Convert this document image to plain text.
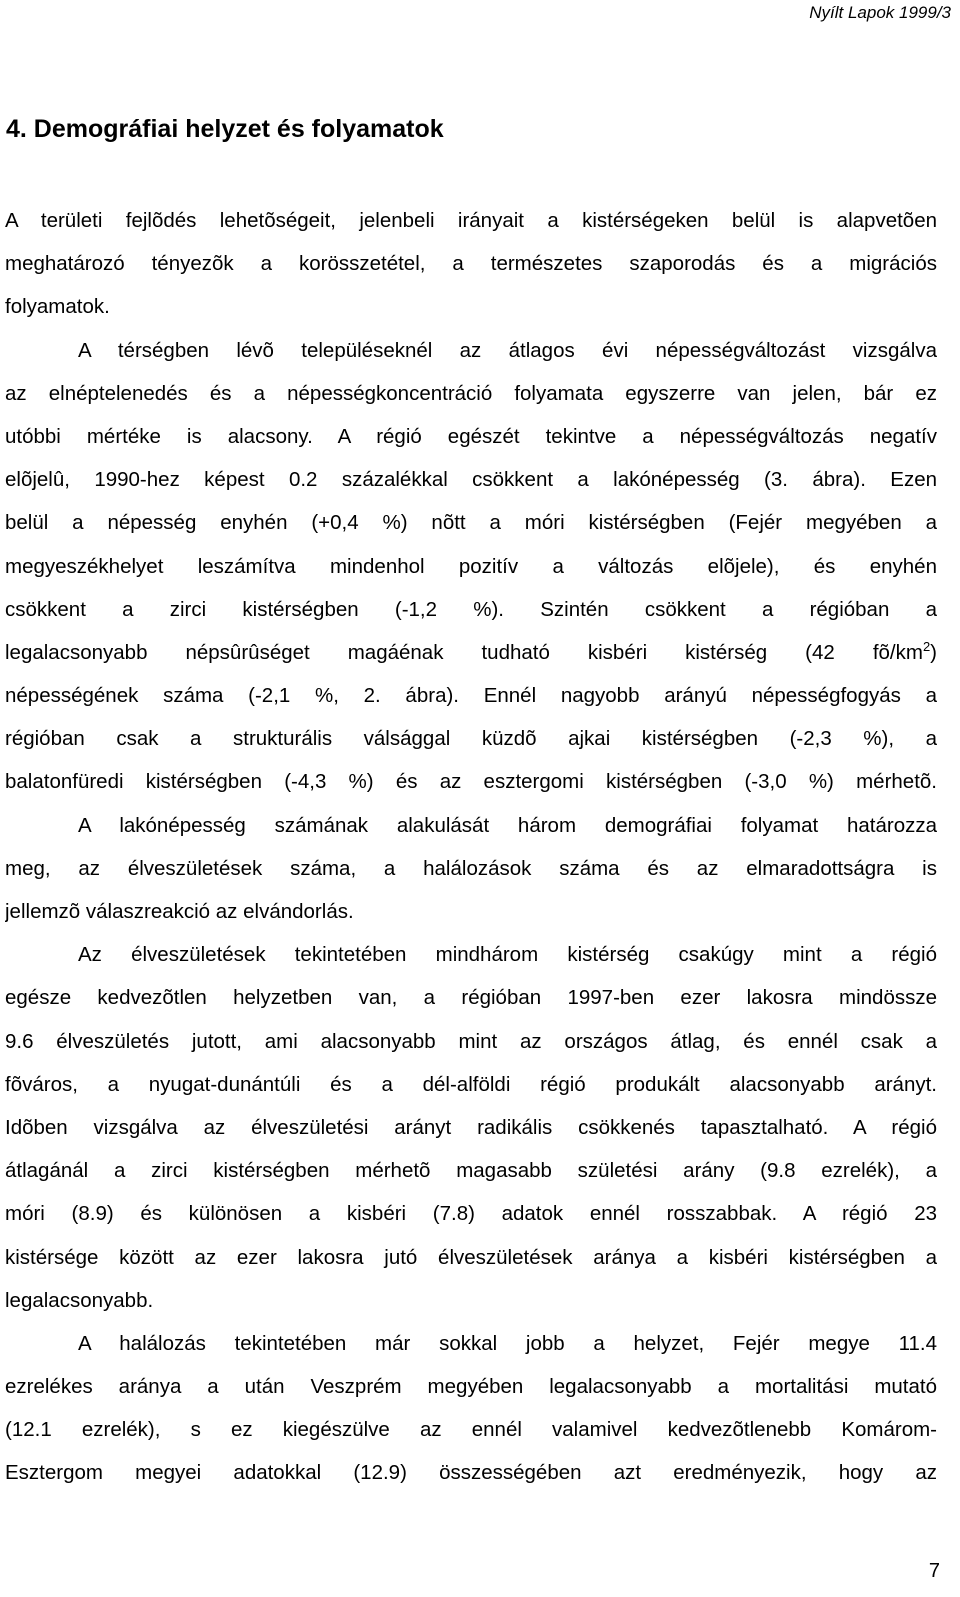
Nyílt Lapok 1999/3
4. Demográfiai helyzet és folyamatok
A területi fejlõdés lehetõségeit, jelenbeli irányait a kistérségeken belül is alapvetõen
meghatározó tényezõk a korösszetétel, a természetes szaporodás és a migrációs
folyamatok.
A térségben lévõ településeknél az átlagos évi népességváltozást vizsgálva
az elnéptelenedés és a népességkoncentráció folyamata egyszerre van jelen, bár ez
utóbbi mértéke is alacsony. A régió egészét tekintve a népességváltozás negatív
elõjelû, 1990-hez képest 0.2 százalékkal csökkent a lakónépesség (3. ábra). Ezen
belül a népesség enyhén (+0,4 %) nõtt a móri kistérségben (Fejér megyében a
megyeszékhelyet leszámítva mindenhol pozitív a változás elõjele), és enyhén
csökkent a zirci kistérségben (-1,2 %). Szintén csökkent a régióban a
legalacsonyabb népsûrûséget magáénak tudható kisbéri kistérség (42 $fõ/km^2$)
népességének száma (-2,1 %, 2. ábra). Ennél nagyobb arányú népességfogyás a
régióban csak a strukturális válsággal küzdõ ajkai kistérségben (-2,3 %), a
balatonfüredi kistérségben (-4,3 %) és az esztergomi kistérségben (-3,0 %) mérhetõ.
A lakónépesség számának alakulását három demográfiai folyamat határozza
meg, az élveszületések száma, a halálozások száma és az elmaradottságra is
jellemzõ válaszreakció az elvándorlás.
Az élveszületések tekintetében mindhárom kistérség csakúgy mint a régió
egésze kedvezõtlen helyzetben van, a régióban 1997-ben ezer lakosra mindössze
9.6 élveszületés jutott, ami alacsonyabb mint az országos átlag, és ennél csak a
fõváros, a nyugat-dunántúli és a dél-alföldi régió produkált alacsonyabb arányt.
Idõben vizsgálva az élveszületési arányt radikális csökkenés tapasztalható. A régió
átlagánál a zirci kistérségben mérhetõ magasabb születési arány (9.8 ezrelék), a
móri (8.9) és különösen a kisbéri (7.8) adatok ennél rosszabbak. A régió 23
kistérsége között az ezer lakosra jutó élveszületések aránya a kisbéri kistérségben a
legalacsonyabb.
A halálozás tekintetében már sokkal jobb a helyzet, Fejér megye 11.4
ezrelékes aránya a után Veszprém megyében legalacsonyabb a mortalitási mutató
(12.1 ezrelék), s ez kiegészülve az ennél valamivel kedvezõtlenebb Komárom-
Esztergom megyei adatokkal (12.9) összességében azt eredményezik, hogy az
7
